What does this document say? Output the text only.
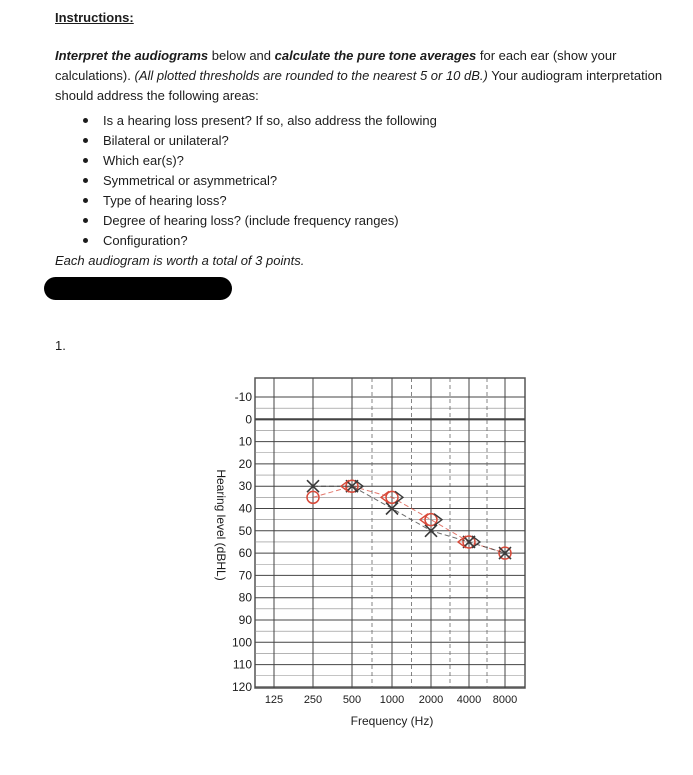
Instructions:

Interpret the audiograms below and calculate the pure tone averages for each ear (show your calculations). (All plotted thresholds are rounded to the nearest 5 or 10 dB.) Your audiogram interpretation should address the following areas:

Is a hearing loss present? If so, also address the following
Bilateral or unilateral?
Which ear(s)?
Symmetrical or asymmetrical?
Type of hearing loss?
Degree of hearing loss? (include frequency ranges)
Configuration?

Each audiogram is worth a total of 3 points.

1.
-10
0
10
20
30
40
50
60
70
80
90
100
110
120
125 250 500 1000 2000 4000 8000
Hearing level (dBHL)
Frequency (Hz)
